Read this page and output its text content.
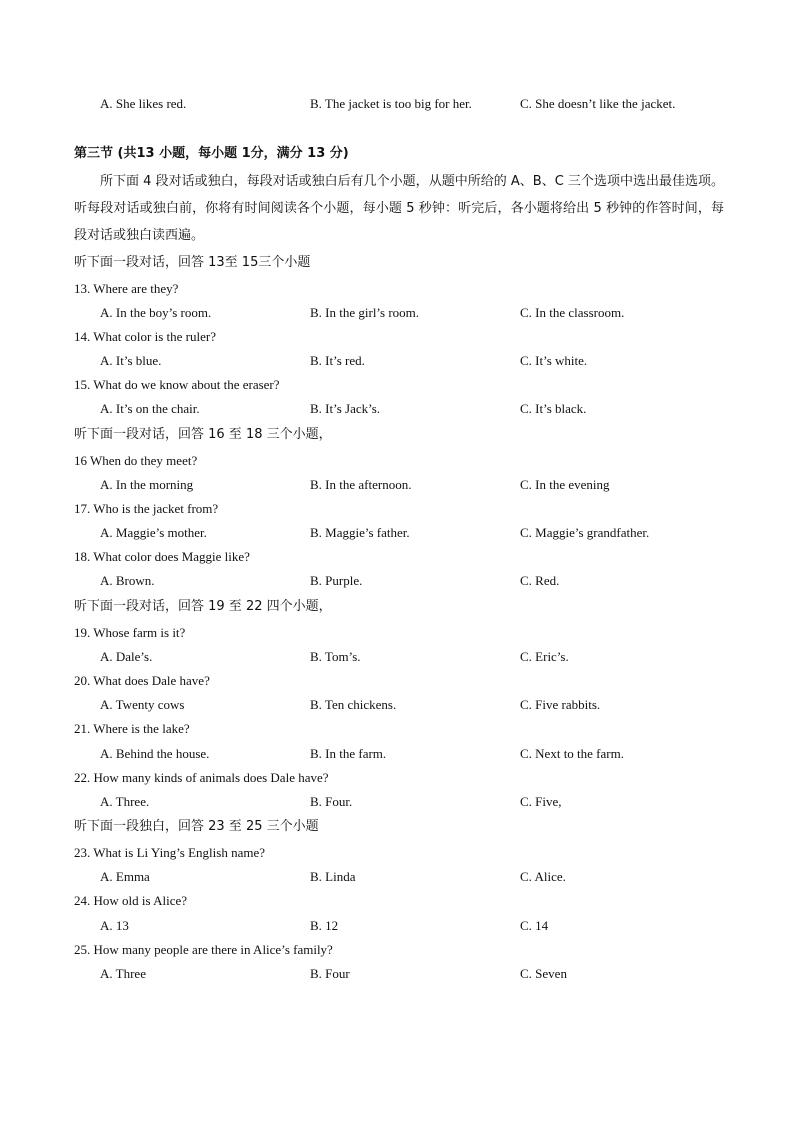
A. She likes red.	B. The jacket is too big for her.	C. She doesn’t like the jacket.
第三节 (共13 小题，每小题 1分，满分 13 分)
所下面 4 段对话或独白，每段对话或独白后有几个小题，从题中所给的 A、B、C 三个选项中选出最佳选项。听每段对话或独白前，你将有时间阅读各个小题，每小题 5 秒钟：听完后，各小题将给出 5 秒钟的作答时间，每段对话或独白读西遍。
听下面一段对话，回答 13至 15三个小题
13. Where are they?
A. In the boy’s room.	B. In the girl’s room.	C. In the classroom.
14. What color is the ruler?
A. It’s blue.	B. It’s red.	C. It’s white.
15. What do we know about the eraser?
A. It’s on the chair.	B. It’s Jack’s.	C. It’s black.
听下面一段对话，回答 16 至 18 三个小题，
16 When do they meet?
A. In the morning	B. In the afternoon.	C. In the evening
17. Who is the jacket from?
A. Maggie’s mother.	B. Maggie’s father.	C. Maggie’s grandfather.
18. What color does Maggie like?
A. Brown.	B. Purple.	C. Red.
听下面一段对话，回答 19 至 22 四个小题，
19. Whose farm is it?
A. Dale’s.	B. Tom’s.	C. Eric’s.
20. What does Dale have?
A. Twenty cows	B. Ten chickens.	C. Five rabbits.
21. Where is the lake?
A. Behind the house.	B. In the farm.	C. Next to the farm.
22. How many kinds of animals does Dale have?
A. Three.	B. Four.	C. Five,
听下面一段独白，回答 23 至 25 三个小题
23. What is Li Ying’s English name?
A. Emma	B. Linda	C. Alice.
24. How old is Alice?
A. 13	B. 12	C. 14
25. How many people are there in Alice’s family?
A. Three	B. Four	C. Seven
